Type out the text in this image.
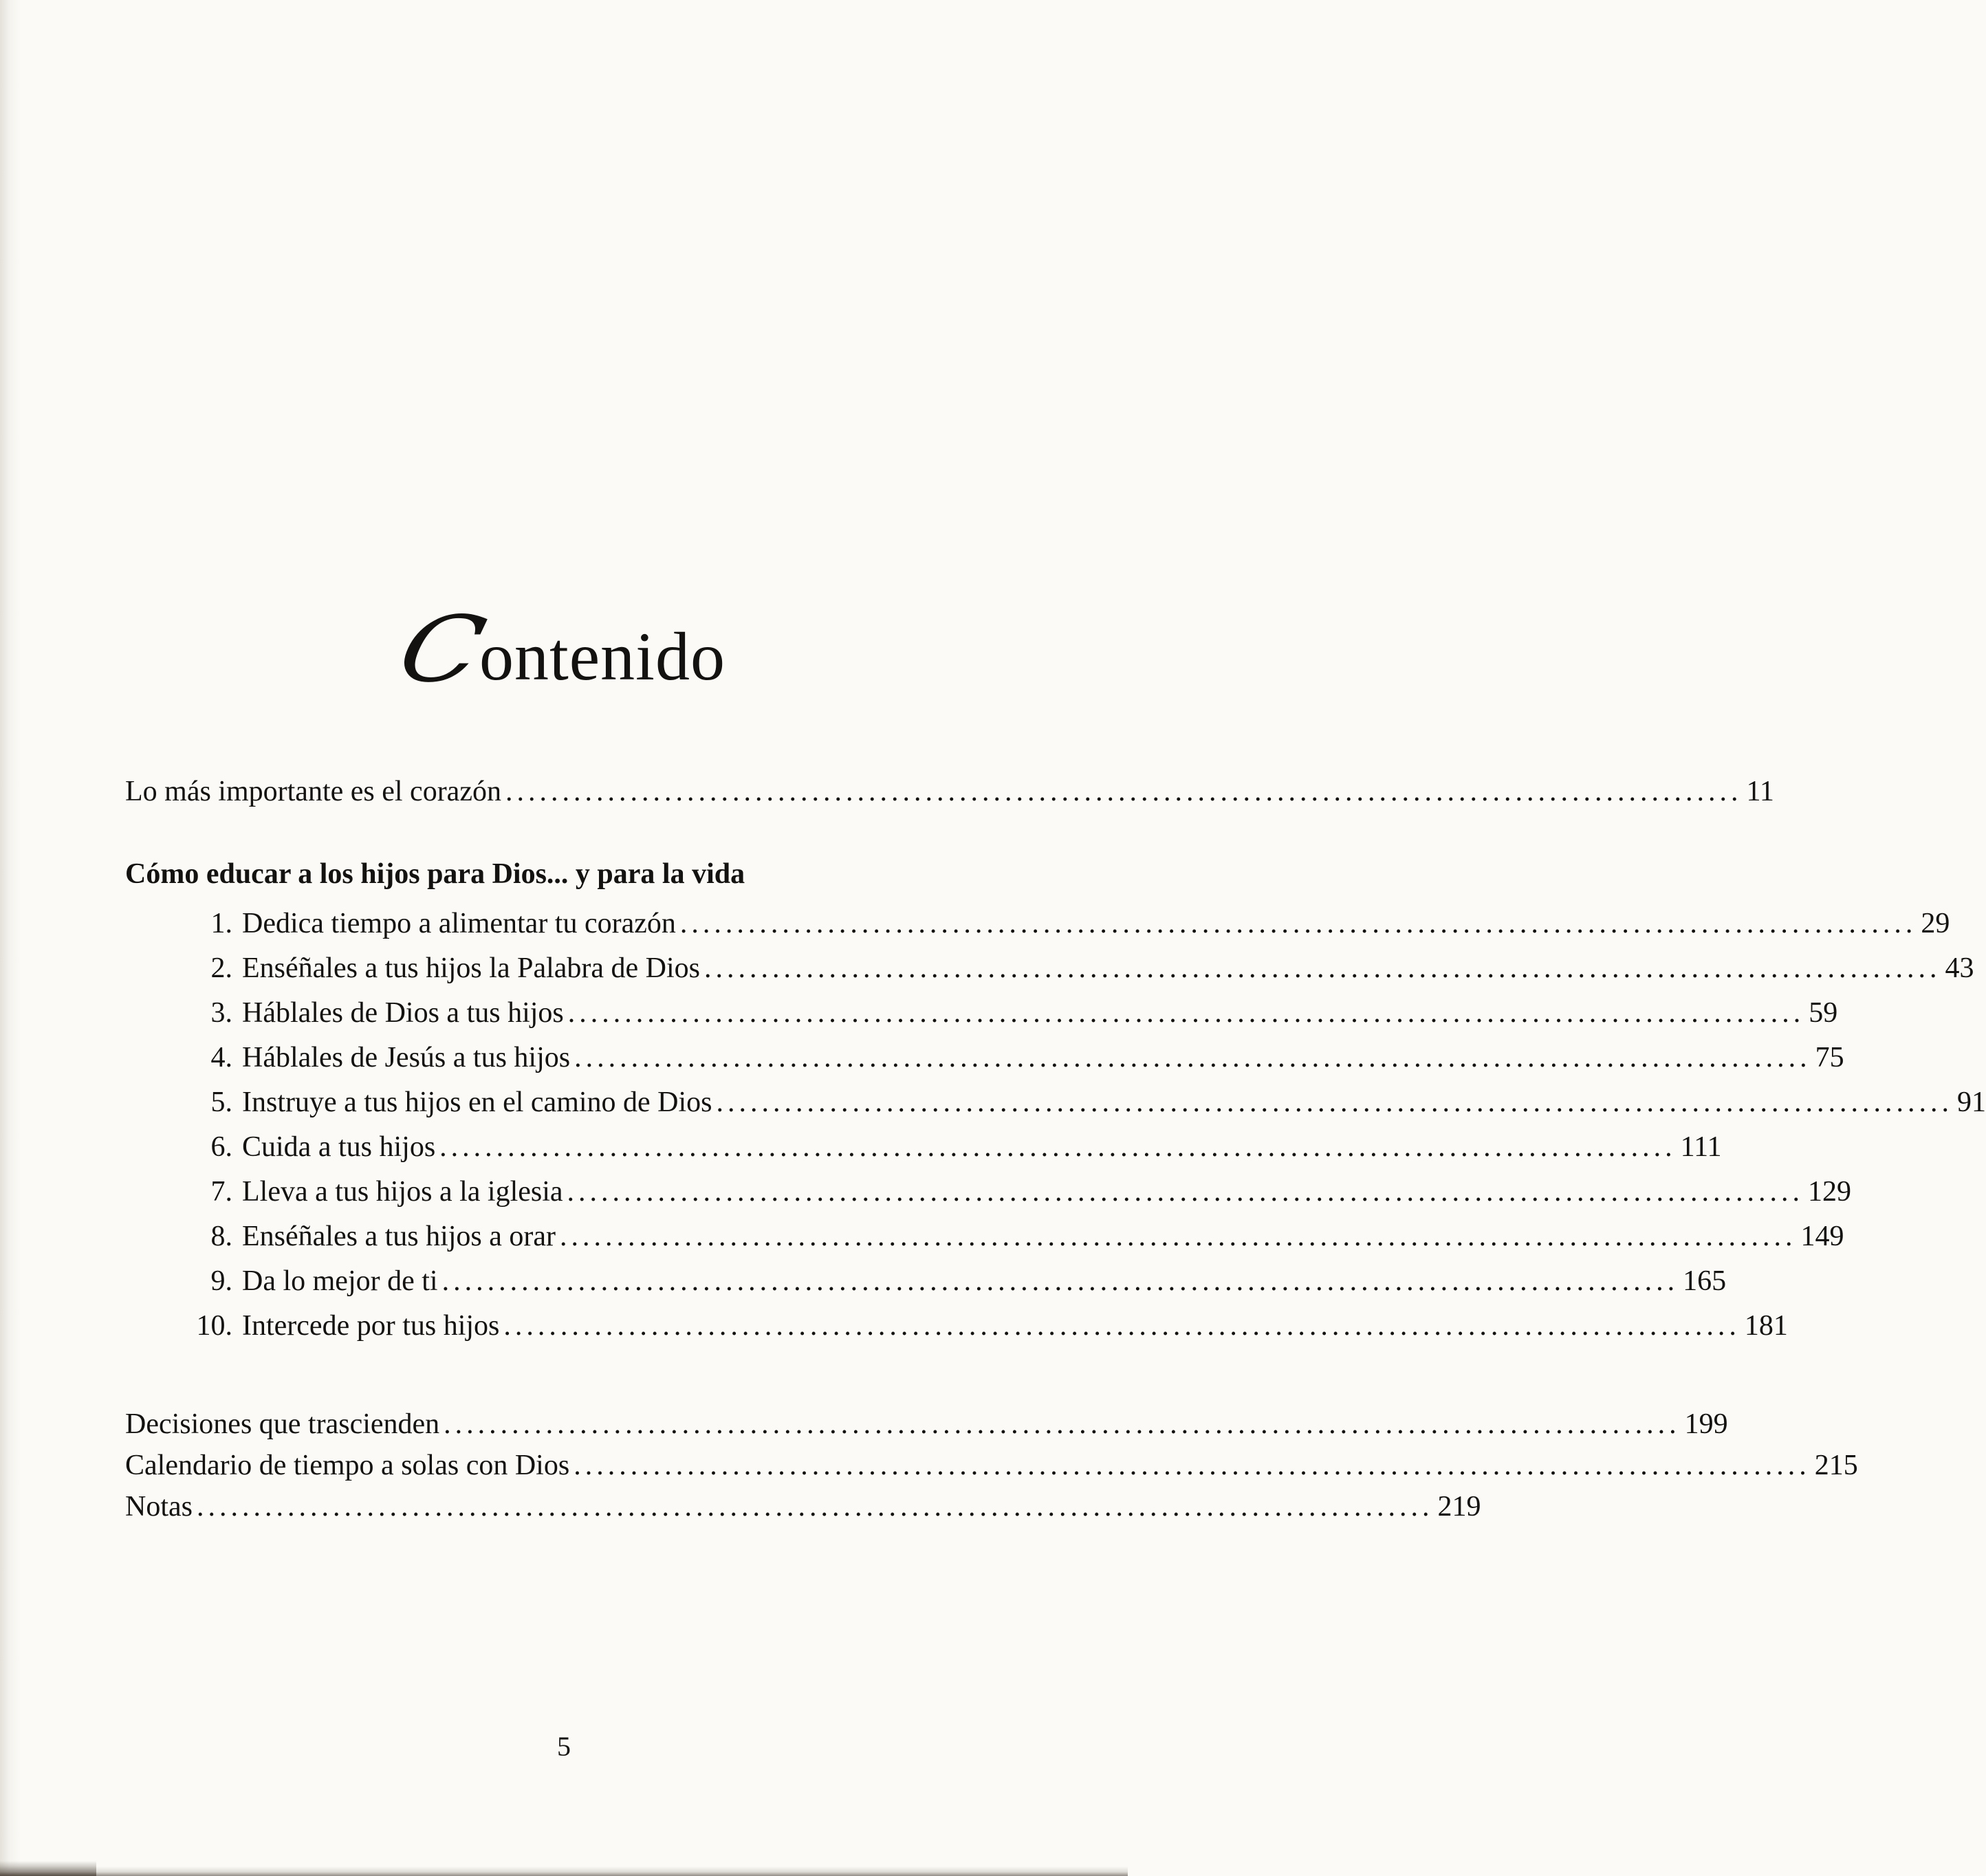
C
ontenido
Lo más importante es el corazón ............................................................................................................. 11
Cómo educar a los hijos para Dios... y para la vida
1. Dedica tiempo a alimentar tu corazón ............................................................................................................. 29
2. Enséñales a tus hijos la Palabra de Dios ............................................................................................................. 43
3. Háblales de Dios a tus hijos ............................................................................................................. 59
4. Háblales de Jesús a tus hijos ............................................................................................................. 75
5. Instruye a tus hijos en el camino de Dios ............................................................................................................. 91
6. Cuida a tus hijos ............................................................................................................. 111
7. Lleva a tus hijos a la iglesia ............................................................................................................. 129
8. Enséñales a tus hijos a orar ............................................................................................................. 149
9. Da lo mejor de ti ............................................................................................................. 165
10. Intercede por tus hijos ............................................................................................................. 181
Decisiones que trascienden ............................................................................................................. 199
Calendario de tiempo a solas con Dios ............................................................................................................. 215
Notas ............................................................................................................. 219
5
